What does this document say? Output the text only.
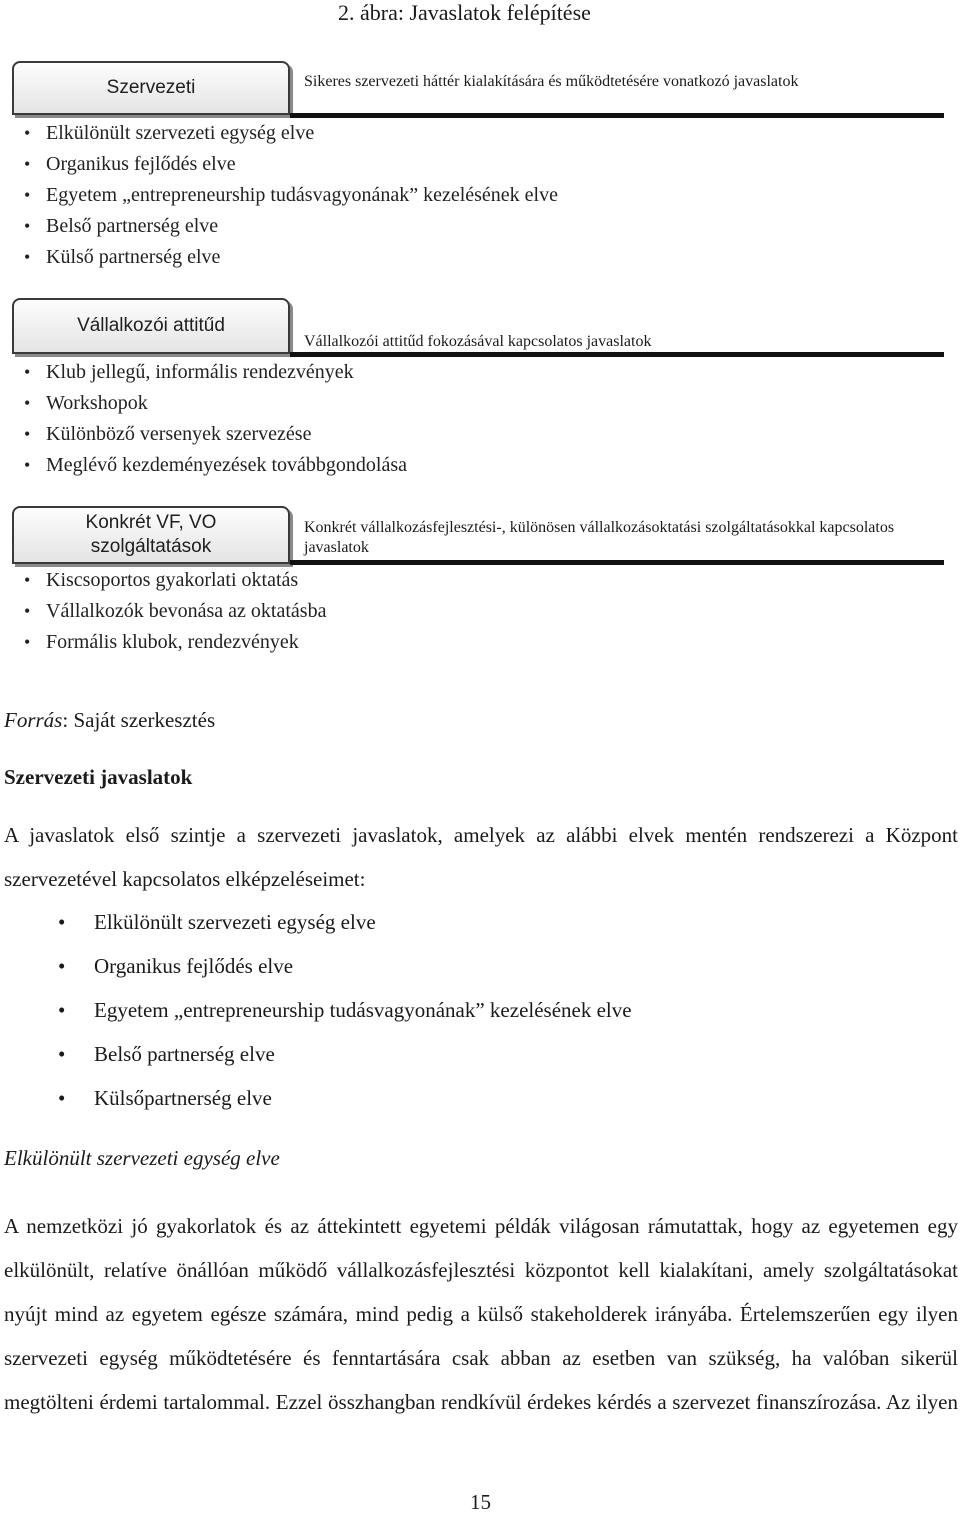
2. ábra: Javaslatok felépítése
Szervezeti	Sikeres szervezeti háttér kialakítására és működtetésére vonatkozó javaslatok
• Elkülönült szervezeti egység elve
• Organikus fejlődés elve
• Egyetem „entrepreneurship tudásvagyonának” kezelésének elve
• Belső partnerség elve
• Külső partnerség elve
Vállalkozói attitűd
Vállalkozói attitűd fokozásával kapcsolatos javaslatok
• Klub jellegű, informális rendezvények
• Workshopok
• Különböző versenyek szervezése
• Meglévő kezdeményezések továbbgondolása
Konkrét VF, VO
szolgáltatások
Konkrét vállalkozásfejlesztési-, különösen vállalkozásoktatási szolgáltatásokkal kapcsolatos javaslatok
• Kiscsoportos gyakorlati oktatás
• Vállalkozók bevonása az oktatásba
• Formális klubok, rendezvények
Forrás: Saját szerkesztés
Szervezeti javaslatok
A javaslatok első szintje a szervezeti javaslatok, amelyek az alábbi elvek mentén rendszerezi a Központ szervezetével kapcsolatos elképzeléseimet:
• Elkülönült szervezeti egység elve
• Organikus fejlődés elve
• Egyetem „entrepreneurship tudásvagyonának” kezelésének elve
• Belső partnerség elve
• Külsőpartnerség elve
Elkülönült szervezeti egység elve
A nemzetközi jó gyakorlatok és az áttekintett egyetemi példák világosan rámutattak, hogy az egyetemen egy elkülönült, relatíve önállóan működő vállalkozásfejlesztési központot kell kialakítani, amely szolgáltatásokat nyújt mind az egyetem egésze számára, mind pedig a külső stakeholderek irányába. Értelemszerűen egy ilyen szervezeti egység működtetésére és fenntartására csak abban az esetben van szükség, ha valóban sikerül megtölteni érdemi tartalommal. Ezzel összhangban rendkívül érdekes kérdés a szervezet finanszírozása. Az ilyen
15
